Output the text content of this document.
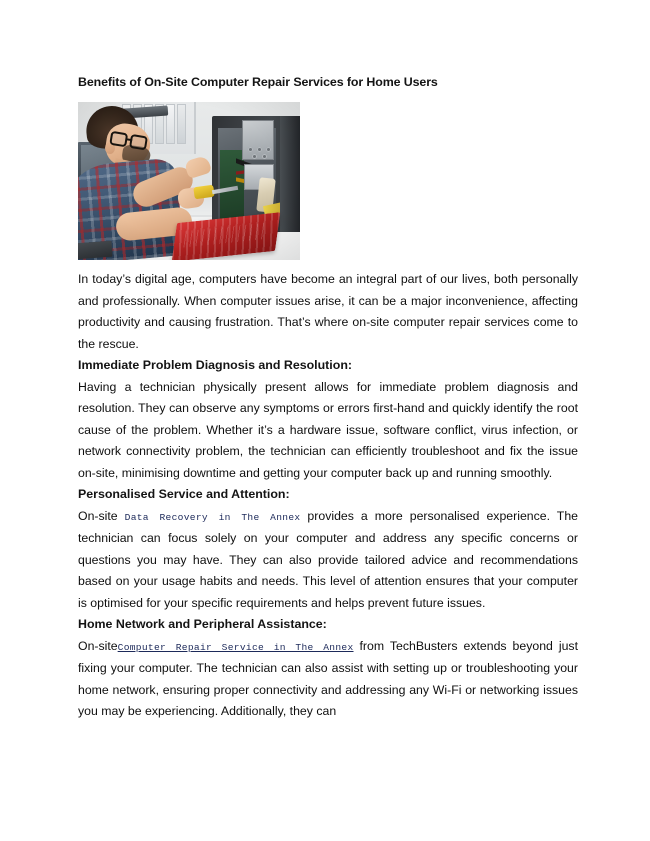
Benefits of On-Site Computer Repair Services for Home Users

In today’s digital age, computers have become an integral part of our lives, both personally and professionally. When computer issues arise, it can be a major inconvenience, affecting productivity and causing frustration. That’s where on-site computer repair services come to the rescue.

Immediate Problem Diagnosis and Resolution:

Having a technician physically present allows for immediate problem diagnosis and resolution. They can observe any symptoms or errors first-hand and quickly identify the root cause of the problem. Whether it’s a hardware issue, software conflict, virus infection, or network connectivity problem, the technician can efficiently troubleshoot and fix the issue on-site, minimising downtime and getting your computer back up and running smoothly.

Personalised Service and Attention:

On-site Data Recovery in The Annex provides a more personalised experience. The technician can focus solely on your computer and address any specific concerns or questions you may have. They can also provide tailored advice and recommendations based on your usage habits and needs. This level of attention ensures that your computer is optimised for your specific requirements and helps prevent future issues.

Home Network and Peripheral Assistance:

On-siteComputer Repair Service in The Annex from TechBusters extends beyond just fixing your computer. The technician can also assist with setting up or troubleshooting your home network, ensuring proper connectivity and addressing any Wi-Fi or networking issues you may be experiencing. Additionally, they can
